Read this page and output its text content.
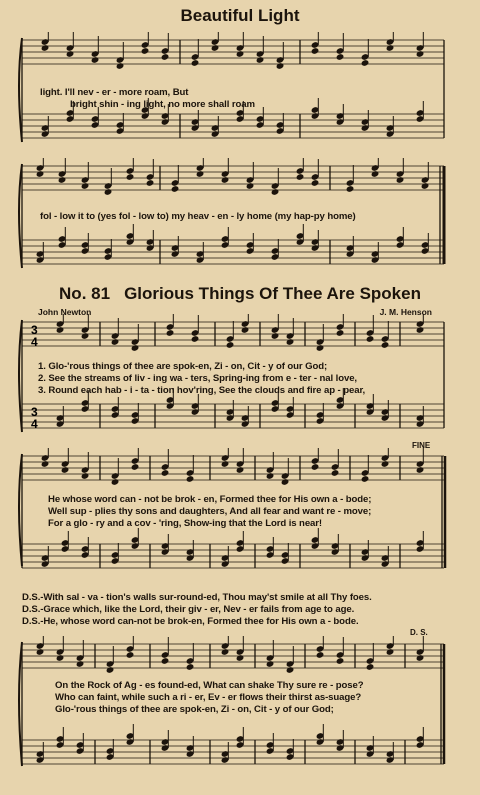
Beautiful Light
light. I'll nev - er - more roam, But
bright shin - ing light, no more shall roam
fol - low it to (yes fol - low to) my heav - en - ly home (my hap-py home)
No. 81 Glorious Things Of Thee Are Spoken
John Newton	J. M. Henson
3
4
3
4
1. Glo-'rous things of thee are spok-en, Zi - on, Cit - y of our God;
2. See the streams of liv - ing wa - ters, Spring-ing from e - ter - nal love,
3. Round each hab - i - ta - tion hov'ring, See the clouds and fire ap - pear,
FINE
He whose word can - not be brok - en, Formed thee for His own a - bode;
Well sup - plies thy sons and daughters, And all fear and want re - move;
For a glo - ry and a cov - 'ring, Show-ing that the Lord is near!
D.S.-With sal - va - tion's walls sur-round-ed, Thou may'st smile at all Thy foes.
D.S.-Grace which, like the Lord, their giv - er, Nev - er fails from age to age.
D.S.-He, whose word can-not be brok-en, Formed thee for His own a - bode.
D. S.
On the Rock of Ag - es found-ed, What can shake Thy sure re - pose?
Who can faint, while such a ri - er, Ev - er flows their thirst as-suage?
Glo-'rous things of thee are spok-en, Zi - on, Cit - y of our God;
